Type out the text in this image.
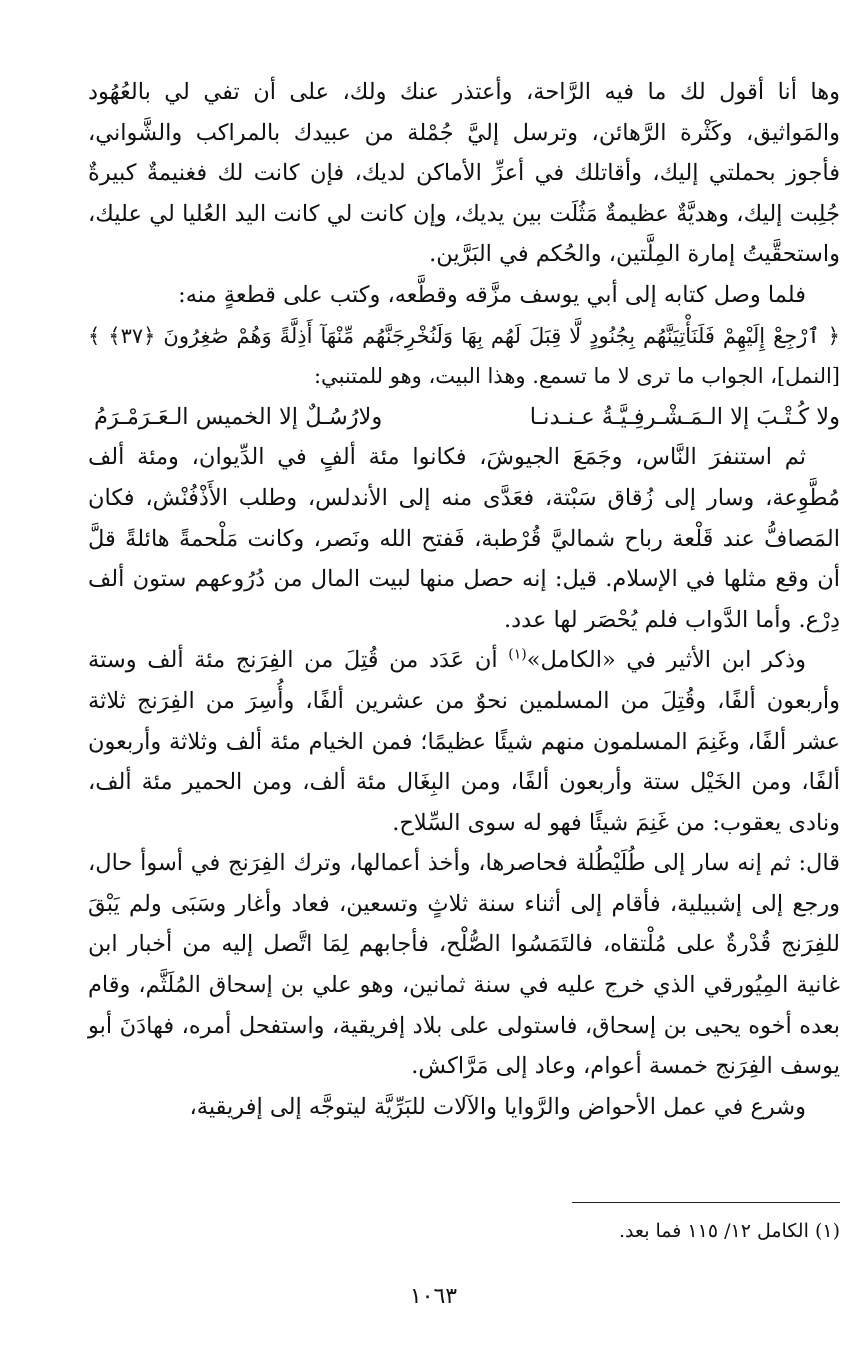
وها أنا أقول لك ما فيه الرَّاحة، وأعتذر عنك ولك، على أن تفي لي بالعُهُود والمَواثيق، وكَثْرة الرَّهائن، وترسل إليَّ جُمْلة من عبيدك بالمراكب والشَّواني، فأجوز بحملتي إليك، وأقاتلك في أعزِّ الأماكن لديك، فإن كانت لك فغنيمةٌ كبيرةٌ جُلِبت إليك، وهديَّةٌ عظيمةٌ مَثُلَت بين يديك، وإن كانت لي كانت اليد العُليا لي عليك، واستحقَّيتُ إمارة المِلَّتين، والحُكم في البَرَّين.

فلما وصل كتابه إلى أبي يوسف مزَّقه وقطَّعه، وكتب على قطعةٍ منه:

﴿ ٱرْجِعْ إِلَيْهِمْ فَلَنَأْتِيَنَّهُم بِجُنُودٍ لَّا قِبَلَ لَهُم بِهَا وَلَنُخْرِجَنَّهُم مِّنْهَآ أَذِلَّةً وَهُمْ صَٰغِرُونَ ﴿٣٧﴾ ﴾ [النمل]، الجواب ما ترى لا ما تسمع. وهذا البيت، وهو للمتنبي:

ولا كُـتْـبَ إلا الـمَـشْـرفِـيَّـةُ عـنـدنـا
ولارُسُـلٌ إلا الخميس الـعَـرَمْـرَمُ

ثم استنفرَ النَّاس، وجَمَعَ الجيوشَ، فكانوا مئة ألفٍ في الدِّيوان، ومئة ألف مُطَّوِعة، وسار إلى زُقاق سَبْتة، فعَدَّى منه إلى الأندلس، وطلب الأَذْفُنْش، فكان المَصافُّ عند قَلْعة رباح شماليَّ قُرْطبة، فَفتح الله ونَصر، وكانت مَلْحمةً هائلةً قلَّ أن وقع مثلها في الإسلام. قيل: إنه حصل منها لبيت المال من دُرُوعهم ستون ألف دِرْع. وأما الدَّواب فلم يُحْصَر لها عدد.

وذكر ابن الأثير في «الكامل»$^{(١)}$ أن عَدَد من قُتِلَ من الفِرَنج مئة ألف وستة وأربعون ألفًا، وقُتِلَ من المسلمين نحوٌ من عشرين ألفًا، وأُسِرَ من الفِرَنج ثلاثة عشر ألفًا، وغَنِمَ المسلمون منهم شيئًا عظيمًا؛ فمن الخيام مئة ألف وثلاثة وأربعون ألفًا، ومن الخَيْل ستة وأربعون ألفًا، ومن البِغَال مئة ألف، ومن الحمير مئة ألف، ونادى يعقوب: من غَنِمَ شيئًا فهو له سوى السِّلاح.

قال: ثم إنه سار إلى طُلَيْطُلة فحاصرها، وأخذ أعمالها، وترك الفِرَنج في أسوأ حال، ورجع إلى إشبيلية، فأقام إلى أثناء سنة ثلاثٍ وتسعين، فعاد وأغار وسَبَى ولم يَبْقَ للفِرَنج قُدْرةٌ على مُلْتقاه، فالتَمَسُوا الصُّلْح، فأجابهم لِمَا اتَّصل إليه من أخبار ابن غانية المِيُورقي الذي خرج عليه في سنة ثمانين، وهو علي بن إسحاق المُلَثَّم، وقام بعده أخوه يحيى بن إسحاق، فاستولى على بلاد إفريقية، واستفحل أمره، فهادَنَ أبو يوسف الفِرَنج خمسة أعوام، وعاد إلى مَرَّاكش.

وشرع في عمل الأحواض والرَّوايا والآلات للبَرِّيَّة ليتوجَّه إلى إفريقية،

(١) الكامل ١٢/ ١١٥ فما بعد.
١٠٦٣
